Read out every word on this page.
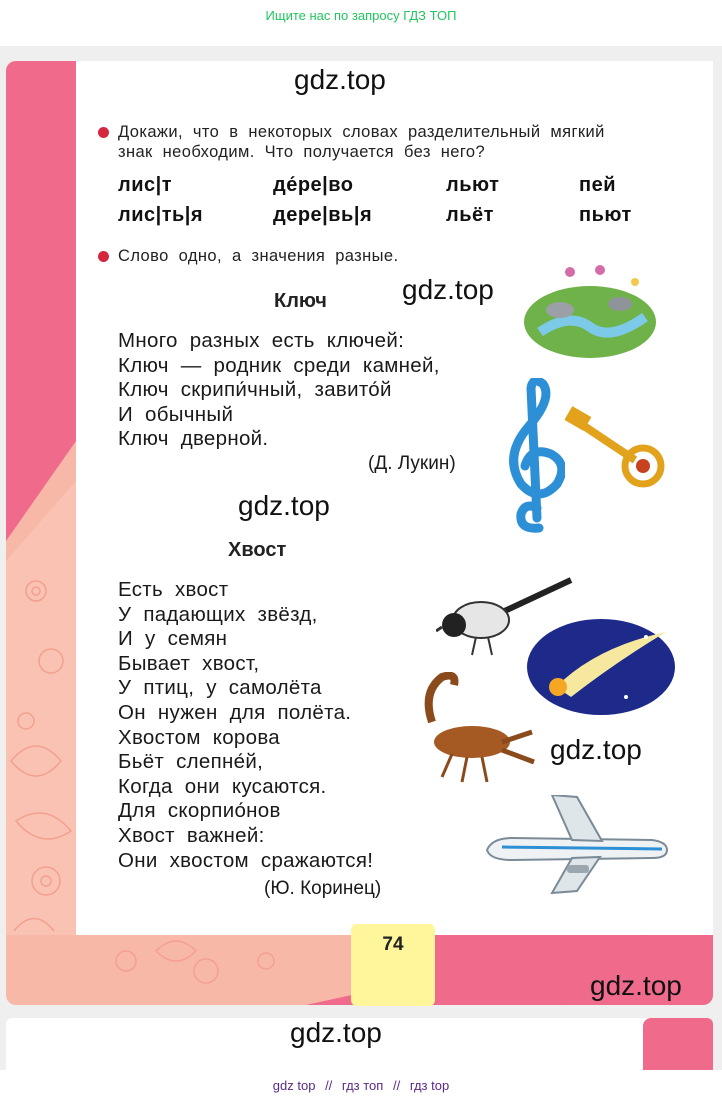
Ищите нас по запросу ГДЗ ТОП
gdz.top
gdz.top
gdz.top
gdz.top
gdz.top
Докажи, что в некоторых словах разделительный мягкий
знак необходим. Что получается без него?
лис|т
лис|ть|я
де́ре|во
дере|вь|я
льют
льёт
пей
пьют
Слово одно, а значения разные.
Ключ
Много разных есть ключей:
Ключ — родник среди камней,
Ключ скрипи́чный, завито́й
И обычный
Ключ дверной.
(Д. Лукин)
Хвост
Есть хвост
У падающих звёзд,
И у семян
Бывает хвост,
У птиц, у самолёта
Он нужен для полёта.
Хвостом корова
Бьёт слепне́й,
Когда они кусаются.
Для скорпио́нов
Хвост важней:
Они хвостом сражаются!
(Ю. Коринец)
74
gdz.top
gdz top // гдз топ // гдз top
